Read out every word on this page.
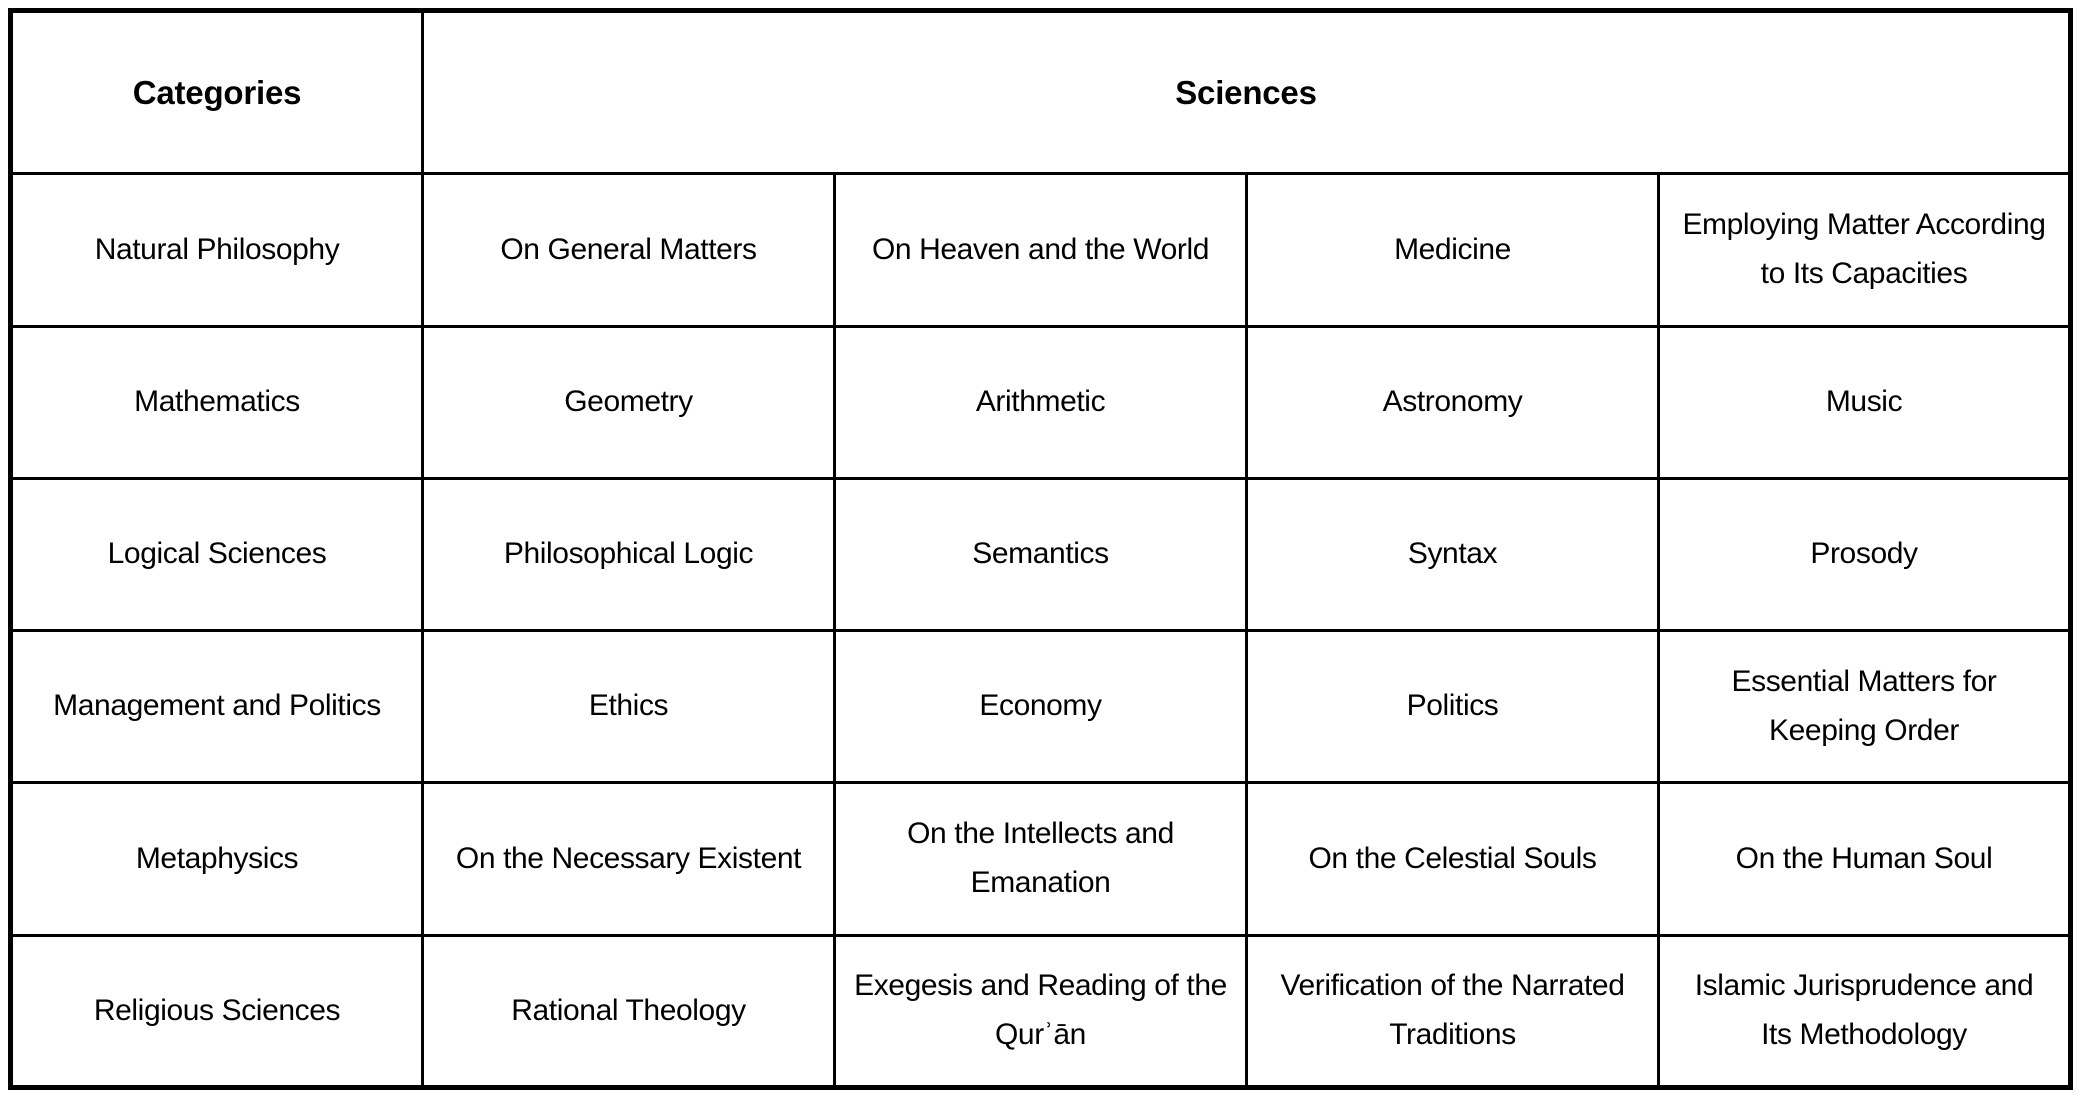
Categories	Sciences			
Natural Philosophy	On General Matters	On Heaven and the World	Medicine	Employing Matter According to Its Capacities
Mathematics	Geometry	Arithmetic	Astronomy	Music
Logical Sciences	Philosophical Logic	Semantics	Syntax	Prosody
Management and Politics	Ethics	Economy	Politics	Essential Matters for Keeping Order
Metaphysics	On the Necessary Existent	On the Intellects and Emanation	On the Celestial Souls	On the Human Soul
Religious Sciences	Rational Theology	Exegesis and Reading of the Qurʾān	Verification of the Narrated Traditions	Islamic Jurisprudence and Its Methodology
